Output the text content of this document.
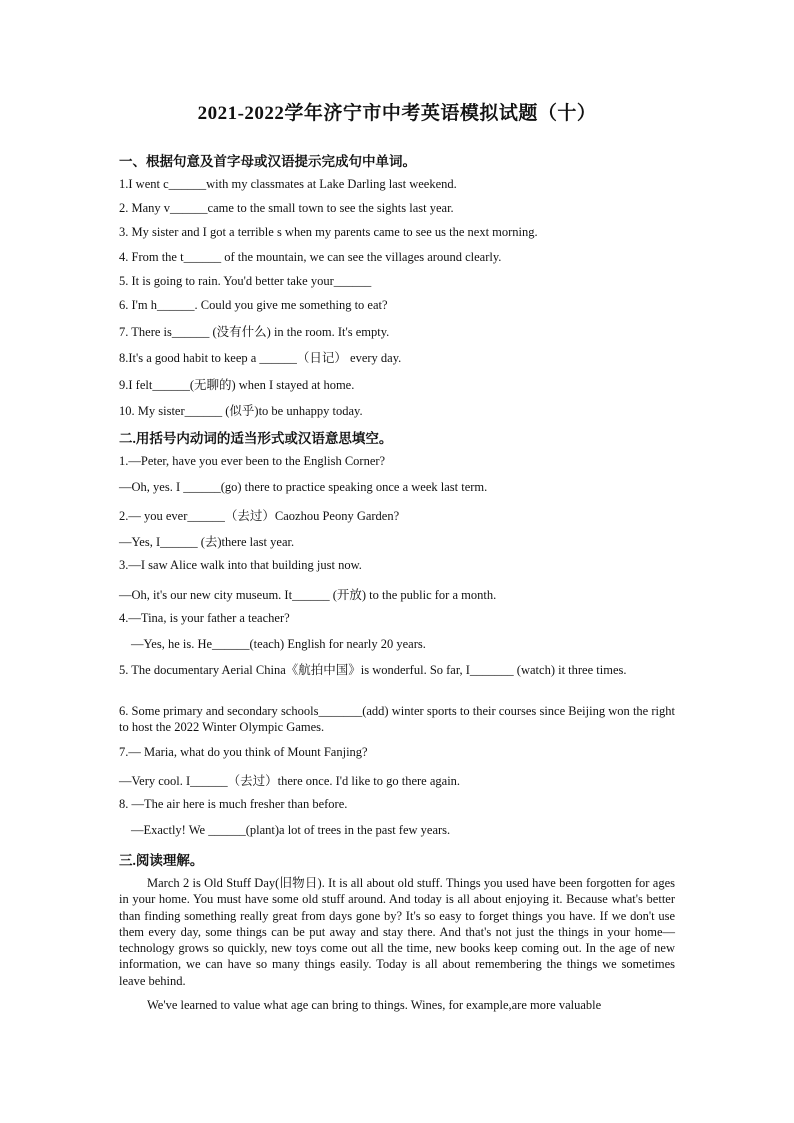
2021-2022学年济宁市中考英语模拟试题（十）
一、根据句意及首字母或汉语提示完成句中单词。
1.I went c______with my classmates at Lake Darling last weekend.
2. Many v______came to the small town to see the sights last year.
3. My sister and I got a terrible s when my parents came to see us the next morning.
4. From the t______ of the mountain, we can see the villages around clearly.
5. It is going to rain. You'd better take your______
6. I'm h______. Could you give me something to eat?
7. There is______ (没有什么) in the room. It's empty.
8.It's a good habit to keep a ______（日记） every day.
9.I felt______(无聊的) when I stayed at home.
10. My sister______ (似乎)to be unhappy today.
二.用括号内动词的适当形式或汉语意思填空。
1.—Peter, have you ever been to the English Corner?
—Oh, yes. I ______(go) there to practice speaking once a week last term.
2.— you ever______（去过）Caozhou Peony Garden?
—Yes, I______ (去)there last year.
3.—I saw Alice walk into that building just now.
—Oh, it's our new city museum. It______ (开放) to the public for a month.
4.—Tina, is your father a teacher?
—Yes, he is. He______(teach) English for nearly 20 years.
5. The documentary Aerial China《航拍中国》is wonderful. So far, I_______ (watch) it three times.
6. Some primary and secondary schools_______(add) winter sports to their courses since Beijing won the right to host the 2022 Winter Olympic Games.
7.— Maria, what do you think of Mount Fanjing?
—Very cool. I______（去过）there once. I'd like to go there again.
8. —The air here is much fresher than before.
—Exactly! We ______(plant)a lot of trees in the past few years.
三.阅读理解。
March 2 is Old Stuff Day(旧物日). It is all about old stuff. Things you used have been forgotten for ages in your home. You must have some old stuff around. And today is all about enjoying it. Because what's better than finding something really great from days gone by? It's so easy to forget things you have. If we don't use them every day, some things can be put away and stay there. And that's not just the things in your home— technology grows so quickly, new toys come out all the time, new books keep coming out. In the age of new information, we can have so many things easily. Today is all about remembering the things we sometimes leave behind.
We've learned to value what age can bring to things. Wines, for example,are more valuable
